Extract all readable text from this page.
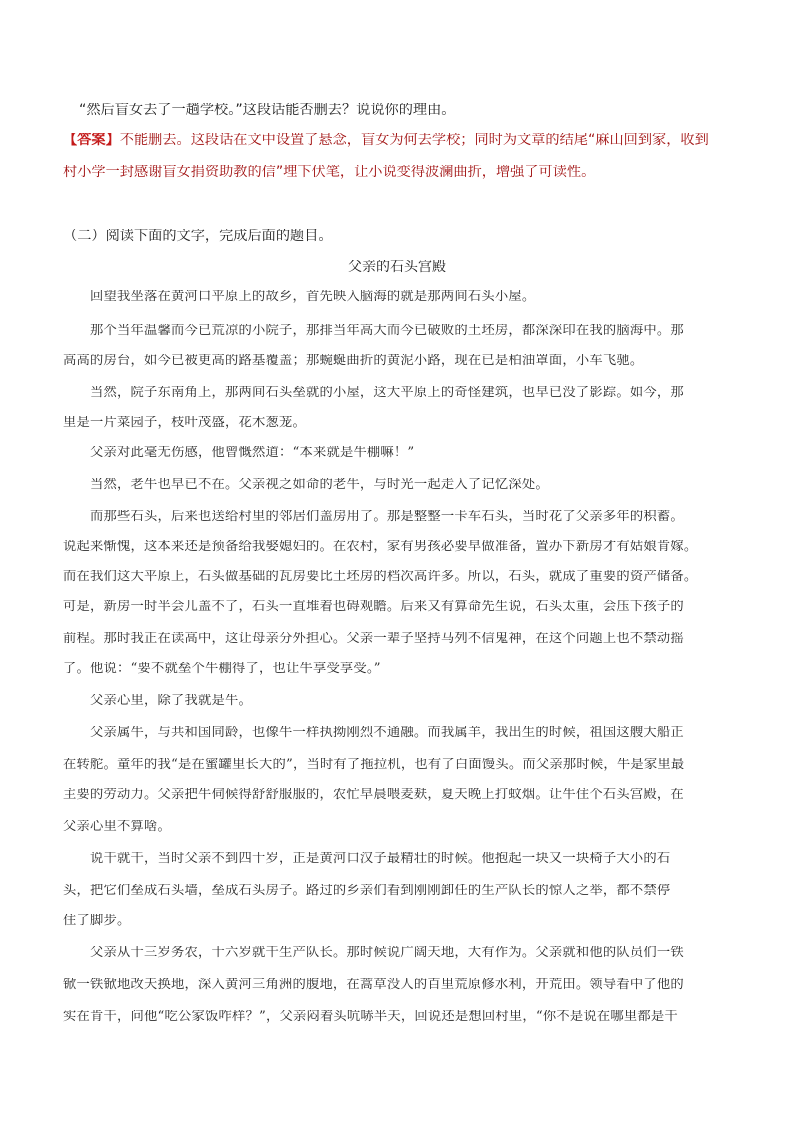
“然后盲女去了一趟学校。”这段话能否删去？说说你的理由。
【答案】不能删去。这段话在文中设置了悬念，盲女为何去学校；同时为文章的结尾“麻山回到家，收到
村小学一封感谢盲女捐资助教的信”埋下伏笔，让小说变得波澜曲折，增强了可读性。
（二）阅读下面的文字，完成后面的题目。
父亲的石头宫殿
回望我坐落在黄河口平原上的故乡，首先映入脑海的就是那两间石头小屋。
那个当年温馨而今已荒凉的小院子，那排当年高大而今已破败的土坯房，都深深印在我的脑海中。那
高高的房台，如今已被更高的路基覆盖；那蜿蜒曲折的黄泥小路，现在已是柏油罩面，小车飞驰。
当然，院子东南角上，那两间石头垒就的小屋，这大平原上的奇怪建筑，也早已没了影踪。如今，那
里是一片菜园子，枝叶茂盛，花木葱茏。
父亲对此毫无伤感，他曾慨然道：“本来就是牛棚嘛！”
当然，老牛也早已不在。父亲视之如命的老牛，与时光一起走入了记忆深处。
而那些石头，后来也送给村里的邻居们盖房用了。那是整整一卡车石头，当时花了父亲多年的积蓄。
说起来惭愧，这本来还是预备给我娶媳妇的。在农村，家有男孩必要早做准备，置办下新房才有姑娘肯嫁。
而在我们这大平原上，石头做基础的瓦房要比土坯房的档次高许多。所以，石头，就成了重要的资产储备。
可是，新房一时半会儿盖不了，石头一直堆着也碍观瞻。后来又有算命先生说，石头太重，会压下孩子的
前程。那时我正在读高中，这让母亲分外担心。父亲一辈子坚持马列不信鬼神，在这个问题上也不禁动摇
了。他说：“要不就垒个牛棚得了，也让牛享受享受。”
父亲心里，除了我就是牛。
父亲属牛，与共和国同龄，也像牛一样执拗刚烈不通融。而我属羊，我出生的时候，祖国这艘大船正
在转舵。童年的我“是在蜜罐里长大的”，当时有了拖拉机，也有了白面馒头。而父亲那时候，牛是家里最
主要的劳动力。父亲把牛伺候得舒舒服服的，农忙早晨喂麦麸，夏天晚上打蚊烟。让牛住个石头宫殿，在
父亲心里不算啥。
说干就干，当时父亲不到四十岁，正是黄河口汉子最精壮的时候。他抱起一块又一块椅子大小的石
头，把它们垒成石头墙，垒成石头房子。路过的乡亲们看到刚刚卸任的生产队长的惊人之举，都不禁停
住了脚步。
父亲从十三岁务农，十六岁就干生产队长。那时候说广阔天地，大有作为。父亲就和他的队员们一铁
锨一铁锨地改天换地，深入黄河三角洲的腹地，在蒿草没人的百里荒原修水利，开荒田。领导看中了他的
实在肯干，问他“吃公家饭咋样？”，父亲闷着头吭哧半天，回说还是想回村里，“你不是说在哪里都是干
